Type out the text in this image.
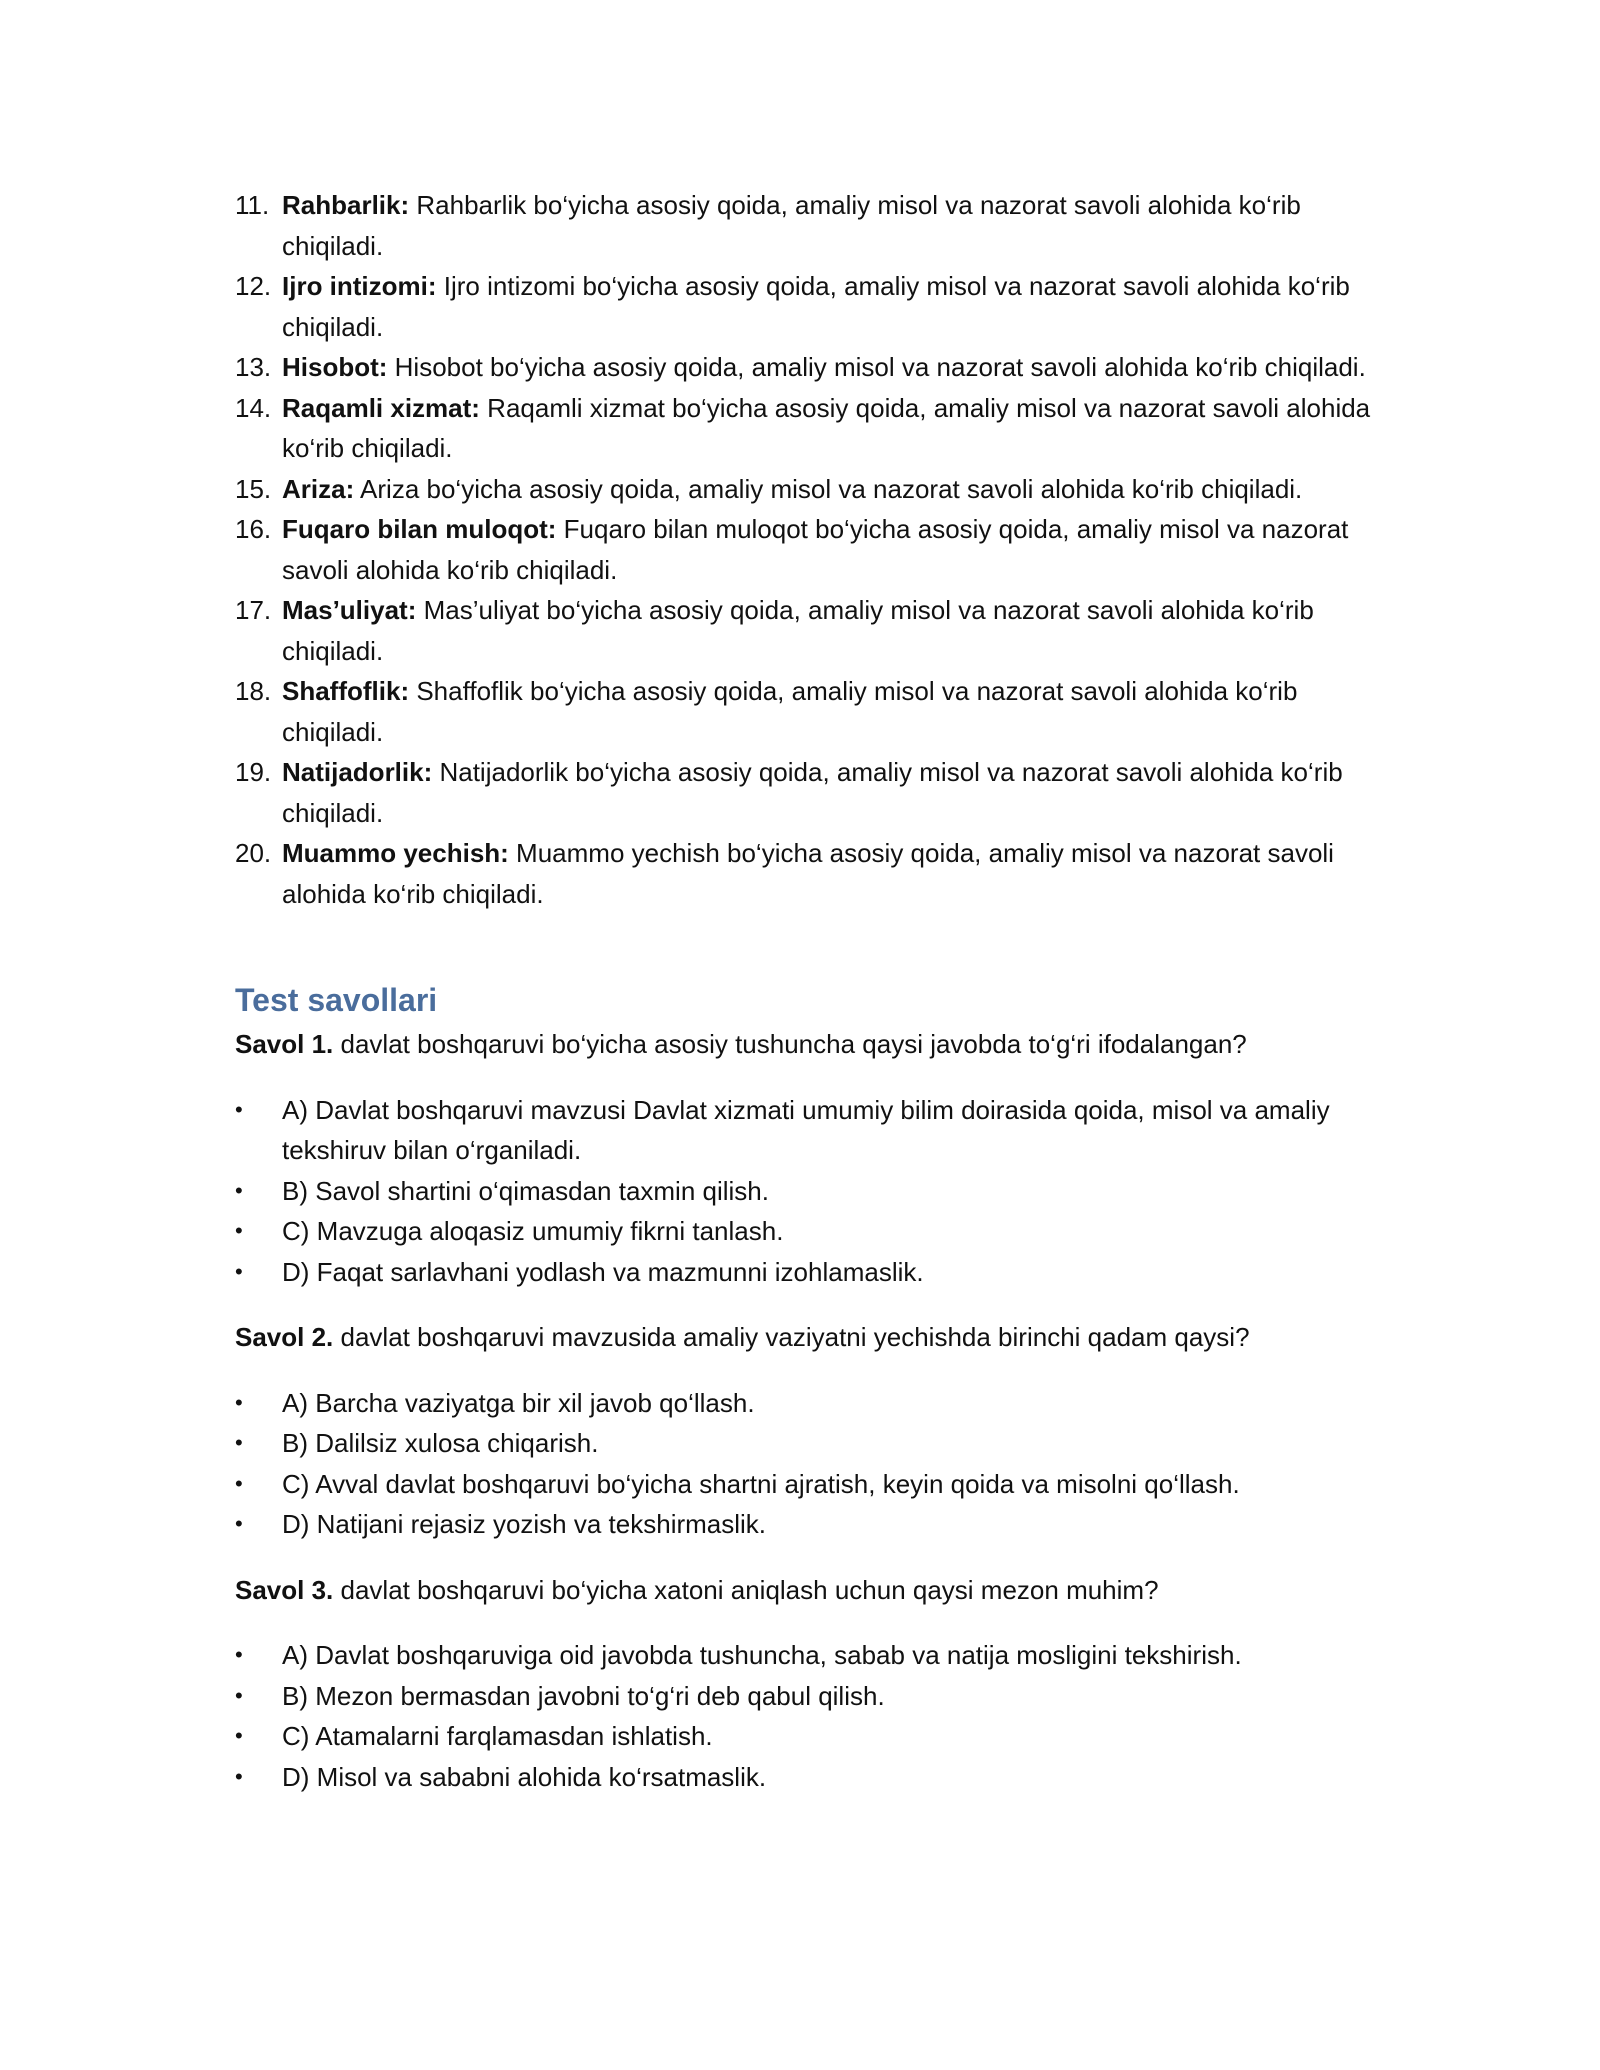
11. Rahbarlik: Rahbarlik bo‘yicha asosiy qoida, amaliy misol va nazorat savoli alohida ko‘rib chiqiladi.
12. Ijro intizomi: Ijro intizomi bo‘yicha asosiy qoida, amaliy misol va nazorat savoli alohida ko‘rib chiqiladi.
13. Hisobot: Hisobot bo‘yicha asosiy qoida, amaliy misol va nazorat savoli alohida ko‘rib chiqiladi.
14. Raqamli xizmat: Raqamli xizmat bo‘yicha asosiy qoida, amaliy misol va nazorat savoli alohida ko‘rib chiqiladi.
15. Ariza: Ariza bo‘yicha asosiy qoida, amaliy misol va nazorat savoli alohida ko‘rib chiqiladi.
16. Fuqaro bilan muloqot: Fuqaro bilan muloqot bo‘yicha asosiy qoida, amaliy misol va nazorat savoli alohida ko‘rib chiqiladi.
17. Mas’uliyat: Mas’uliyat bo‘yicha asosiy qoida, amaliy misol va nazorat savoli alohida ko‘rib chiqiladi.
18. Shaffoflik: Shaffoflik bo‘yicha asosiy qoida, amaliy misol va nazorat savoli alohida ko‘rib chiqiladi.
19. Natijadorlik: Natijadorlik bo‘yicha asosiy qoida, amaliy misol va nazorat savoli alohida ko‘rib chiqiladi.
20. Muammo yechish: Muammo yechish bo‘yicha asosiy qoida, amaliy misol va nazorat savoli alohida ko‘rib chiqiladi.
Test savollari

Savol 1. davlat boshqaruvi bo‘yicha asosiy tushuncha qaysi javobda to‘g‘ri ifodalangan?

• A) Davlat boshqaruvi mavzusi Davlat xizmati umumiy bilim doirasida qoida, misol va amaliy tekshiruv bilan o‘rganiladi.
• B) Savol shartini o‘qimasdan taxmin qilish.
• C) Mavzuga aloqasiz umumiy fikrni tanlash.
• D) Faqat sarlavhani yodlash va mazmunni izohlamaslik.

Savol 2. davlat boshqaruvi mavzusida amaliy vaziyatni yechishda birinchi qadam qaysi?

• A) Barcha vaziyatga bir xil javob qo‘llash.
• B) Dalilsiz xulosa chiqarish.
• C) Avval davlat boshqaruvi bo‘yicha shartni ajratish, keyin qoida va misolni qo‘llash.
• D) Natijani rejasiz yozish va tekshirmaslik.

Savol 3. davlat boshqaruvi bo‘yicha xatoni aniqlash uchun qaysi mezon muhim?

• A) Davlat boshqaruviga oid javobda tushuncha, sabab va natija mosligini tekshirish.
• B) Mezon bermasdan javobni to‘g‘ri deb qabul qilish.
• C) Atamalarni farqlamasdan ishlatish.
• D) Misol va sababni alohida ko‘rsatmaslik.
